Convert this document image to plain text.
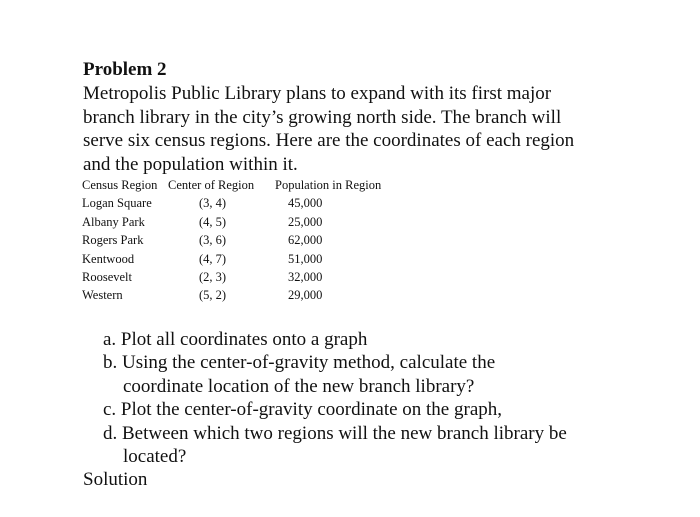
Problem 2
Metropolis Public Library plans to expand with its first major
branch library in the city’s growing north side. The branch will
serve six census regions. Here are the coordinates of each region
and the population within it.
Census Region	Center of Region	Population in Region
Logan Square	(3, 4)	45,000
Albany Park	(4, 5)	25,000
Rogers Park	(3, 6)	62,000
Kentwood	(4, 7)	51,000
Roosevelt	(2, 3)	32,000
Western	(5, 2)	29,000
a. Plot all coordinates onto a graph
b. Using the center-of-gravity method, calculate the
coordinate location of the new branch library?
c. Plot the center-of-gravity coordinate on the graph,
d. Between which two regions will the new branch library be
located?
Solution
